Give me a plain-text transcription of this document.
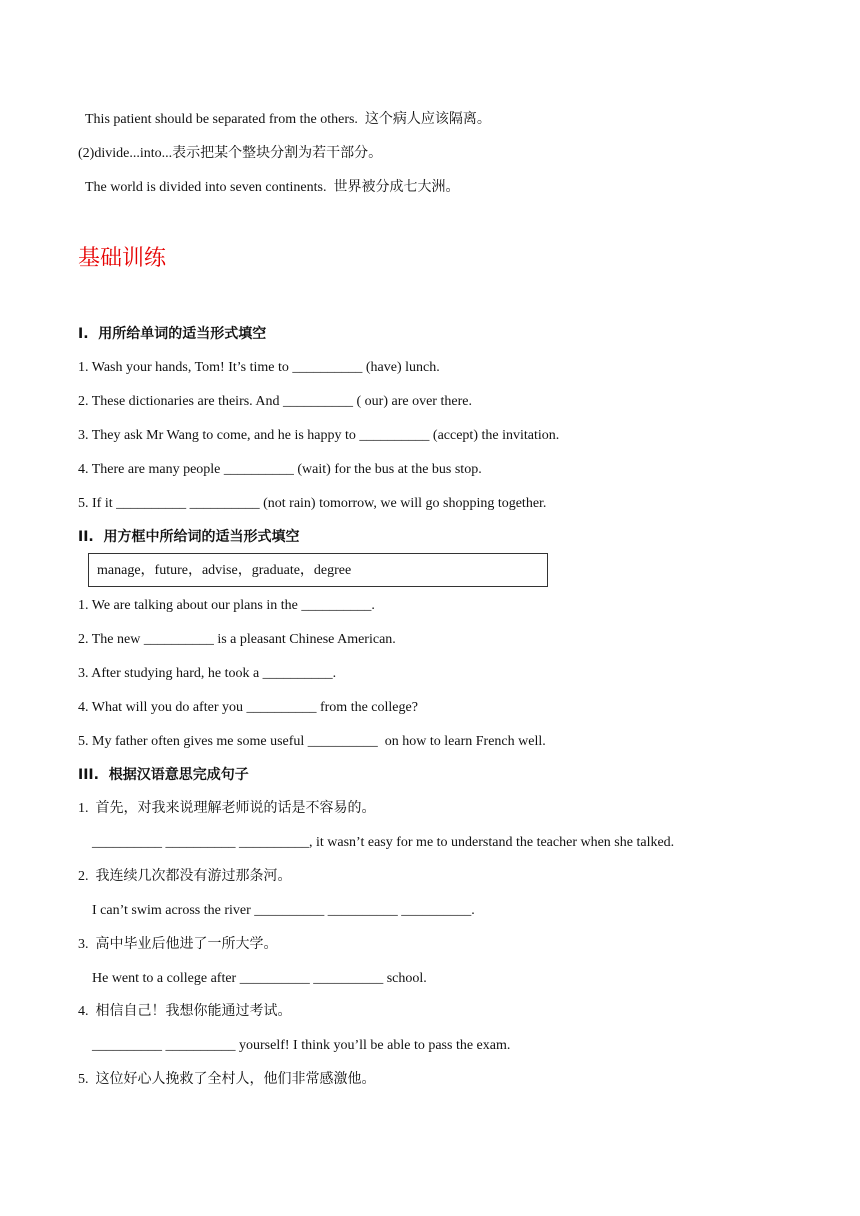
This patient should be separated from the others.  这个病人应该隔离。
(2)divide...into...表示把某个整块分割为若干部分。
The world is divided into seven continents.  世界被分成七大洲。
基础训练
I.  用所给单词的适当形式填空
1. Wash your hands, Tom! It’s time to __________ (have) lunch.
2. These dictionaries are theirs. And __________ ( our) are over there.
3. They ask Mr Wang to come, and he is happy to __________ (accept) the invitation.
4. There are many people __________ (wait) for the bus at the bus stop.
5. If it __________ __________ (not rain) tomorrow, we will go shopping together.
II.  用方框中所给词的适当形式填空
manage，future，advise，graduate，degree
1. We are talking about our plans in the __________.
2. The new __________ is a pleasant Chinese American.
3. After studying hard, he took a __________.
4. What will you do after you __________ from the college?
5. My father often gives me some useful __________  on how to learn French well.
III.  根据汉语意思完成句子
1.  首先，对我来说理解老师说的话是不容易的。
__________ __________ __________, it wasn’t easy for me to understand the teacher when she talked.
2.  我连续几次都没有游过那条河。
I can’t swim across the river __________ __________ __________.
3.  高中毕业后他进了一所大学。
He went to a college after __________ __________ school.
4.  相信自己！我想你能通过考试。
__________ __________ yourself! I think you’ll be able to pass the exam.
5.  这位好心人挽救了全村人，他们非常感激他。
